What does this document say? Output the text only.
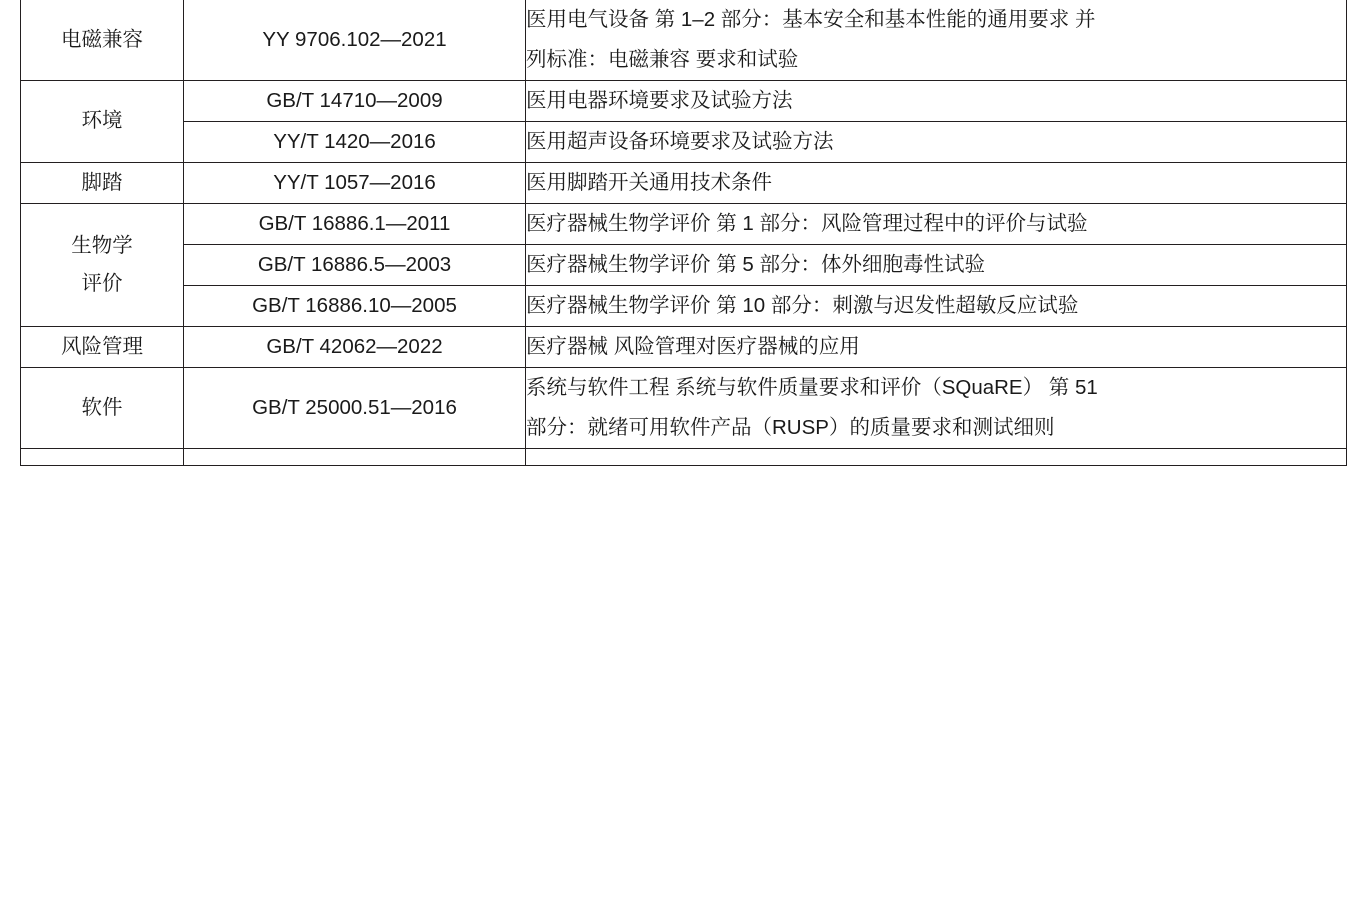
电磁兼容	YY 9706.102—2021	医用电气设备 第 1–2 部分：基本安全和基本性能的通用要求 并
列标准：电磁兼容 要求和试验

环境	GB/T 14710—2009	医用电器环境要求及试验方法

	YY/T 1420—2016	医用超声设备环境要求及试验方法

脚踏	YY/T 1057—2016	医用脚踏开关通用技术条件

生物学
评价	GB/T 16886.1—2011	医疗器械生物学评价 第 1 部分：风险管理过程中的评价与试验

	GB/T 16886.5—2003	医疗器械生物学评价 第 5 部分：体外细胞毒性试验

	GB/T 16886.10—2005	医疗器械生物学评价 第 10 部分：刺激与迟发性超敏反应试验

风险管理	GB/T 42062—2022	医疗器械 风险管理对医疗器械的应用

软件	GB/T 25000.51—2016	系统与软件工程 系统与软件质量要求和评价（SQuaRE） 第 51
部分：就绪可用软件产品（RUSP）的质量要求和测试细则
